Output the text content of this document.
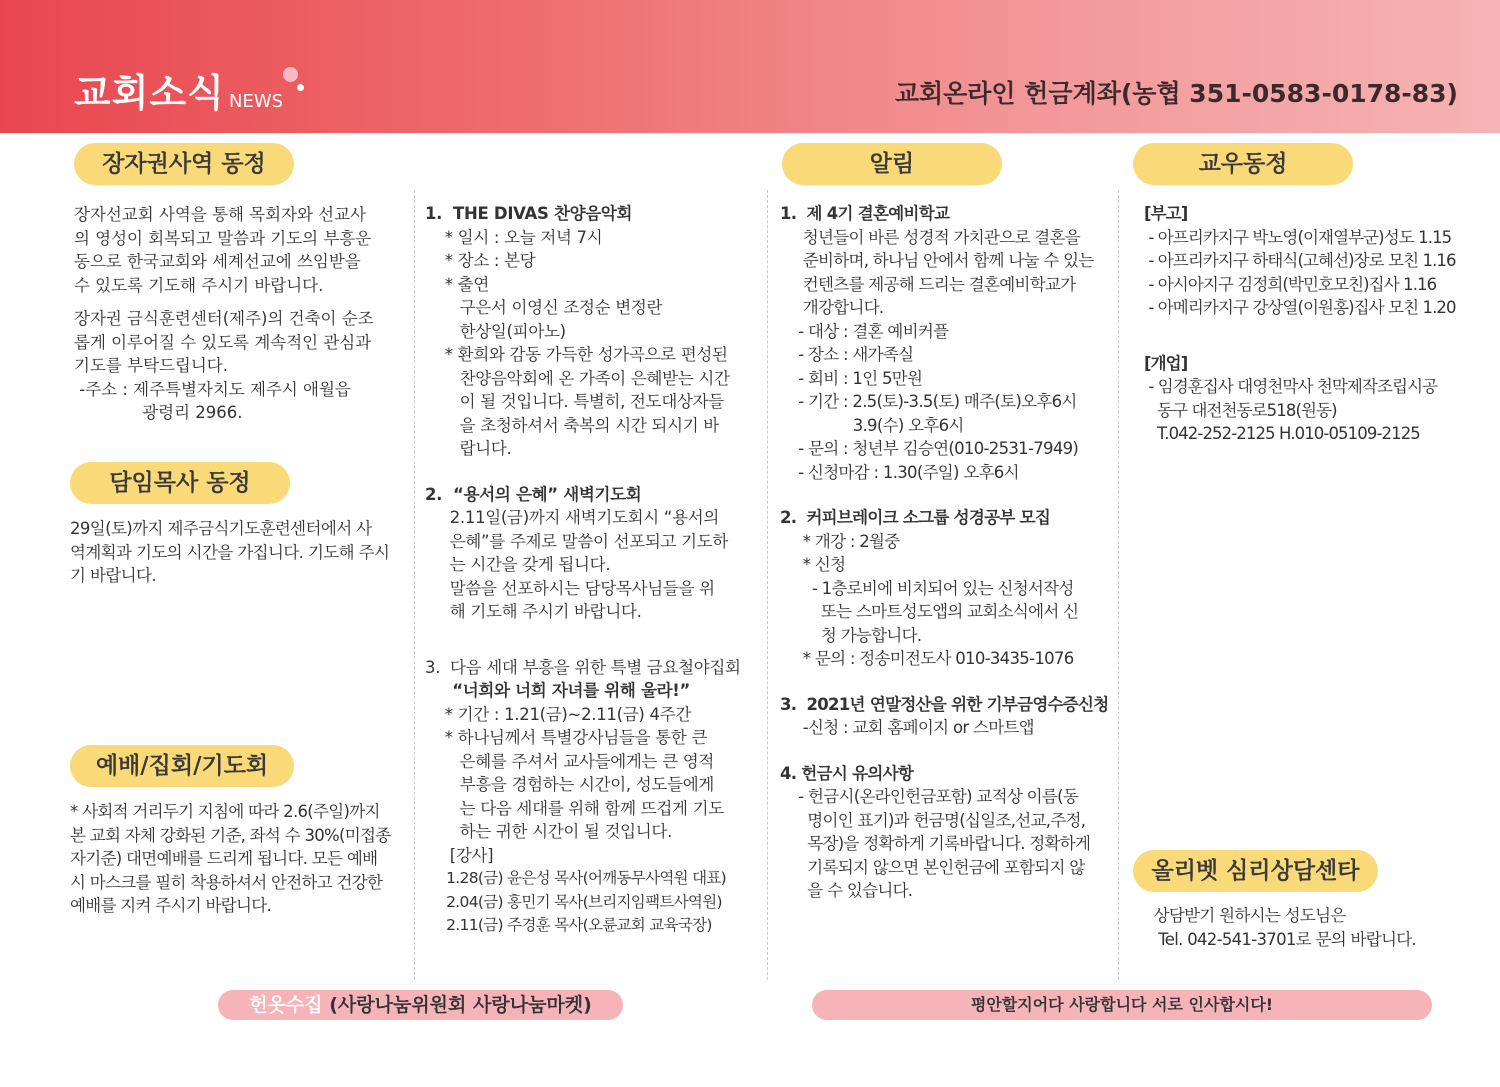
교회소식 NEWS	교회온라인 헌금계좌(농협 351-0583-0178-83)
장자권사역 동정

장자선교회 사역을 통해 목회자와 선교사

의 영성이 회복되고 말씀과 기도의 부흥운

동으로 한국교회와 세계선교에 쓰임받을

수 있도록 기도해 주시기 바랍니다.

장자권 금식훈련센터(제주)의 건축이 순조

롭게 이루어질 수 있도록 계속적인 관심과

기도를 부탁드립니다.

-주소 : 제주특별자치도 제주시 애월읍

광령리 2966.

담임목사 동정

29일(토)까지 제주금식기도훈련센터에서 사

역계획과 기도의 시간을 가집니다. 기도해 주시

기 바랍니다.

예배/집회/기도회

* 사회적 거리두기 지침에 따라 2.6(주일)까지

본 교회 자체 강화된 기준, 좌석 수 30%(미접종

자기준) 대면예배를 드리게 됩니다. 모든 예배

시 마스크를 필히 착용하셔서 안전하고 건강한

예배를 지켜 주시기 바랍니다.

1.  THE DIVAS 찬양음악회

* 일시 : 오늘 저녁 7시

* 장소 : 본당

* 출연

구은서 이영신 조정순 변정란

한상일(피아노)

* 환희와 감동 가득한 성가곡으로 편성된

찬양음악회에 온 가족이 은혜받는 시간

이 될 것입니다. 특별히, 전도대상자들

을 초청하셔서 축복의 시간 되시기 바

랍니다.

2.  “용서의 은혜” 새벽기도회

2.11일(금)까지 새벽기도회시 “용서의

은혜”를 주제로 말씀이 선포되고 기도하

는 시간을 갖게 됩니다.

말씀을 선포하시는 담당목사님들을 위

해 기도해 주시기 바랍니다.

3.  다음 세대 부흥을 위한 특별 금요철야집회

“너희와 너희 자녀를 위해 울라!”

* 기간 : 1.21(금)~2.11(금) 4주간

* 하나님께서 특별강사님들을 통한 큰

은혜를 주셔서 교사들에게는 큰 영적

부흥을 경험하는 시간이, 성도들에게

는 다음 세대를 위해 함께 뜨겁게 기도

하는 귀한 시간이 될 것입니다.

[강사]

1.28(금) 윤은성 목사(어깨동무사역원 대표)

2.04(금) 홍민기 목사(브리지임팩트사역원)

2.11(금) 주경훈 목사(오륜교회 교육국장)

알림

1.  제 4기 결혼예비학교

청년들이 바른 성경적 가치관으로 결혼을

준비하며, 하나님 안에서 함께 나눌 수 있는

컨텐츠를 제공해 드리는 결혼예비학교가

개강합니다.

- 대상 : 결혼 예비커플

- 장소 : 새가족실

- 회비 : 1인 5만원

- 기간 : 2.5(토)-3.5(토) 매주(토)오후6시

3.9(수) 오후6시

- 문의 : 청년부 김승연(010-2531-7949)

- 신청마감 : 1.30(주일) 오후6시

2.  커피브레이크 소그룹 성경공부 모집

* 개강 : 2월중

* 신청

- 1층로비에 비치되어 있는 신청서작성

또는 스마트성도앱의 교회소식에서 신

청 가능합니다.

* 문의 : 정송미전도사 010-3435-1076

3.  2021년 연말정산을 위한 기부금영수증신청

-신청 : 교회 홈페이지 or 스마트앱

4. 헌금시 유의사항

- 헌금시(온라인헌금포함) 교적상 이름(동

명이인 표기)과 헌금명(십일조,선교,주정,

목장)을 정확하게 기록바랍니다. 정확하게

기록되지 않으면 본인헌금에 포함되지 않

을 수 있습니다.

교우동정

[부고]

- 아프리카지구 박노영(이재열부군)성도 1.15

- 아프리카지구 하태식(고혜선)장로 모친 1.16

- 아시아지구 김정희(박민호모친)집사 1.16

- 아메리카지구 강상열(이원홍)집사 모친 1.20

[개업]

- 임경훈집사 대영천막사 천막제작조립시공

동구 대전천동로518(원동)

T.042-252-2125 H.010-05109-2125

올리벳 심리상담센타

상담받기 원하시는 성도님은

Tel. 042-541-3701로 문의 바랍니다.

헌옷수집 (사랑나눔위원회 사랑나눔마켓)	평안할지어다 사랑합니다 서로 인사합시다!
